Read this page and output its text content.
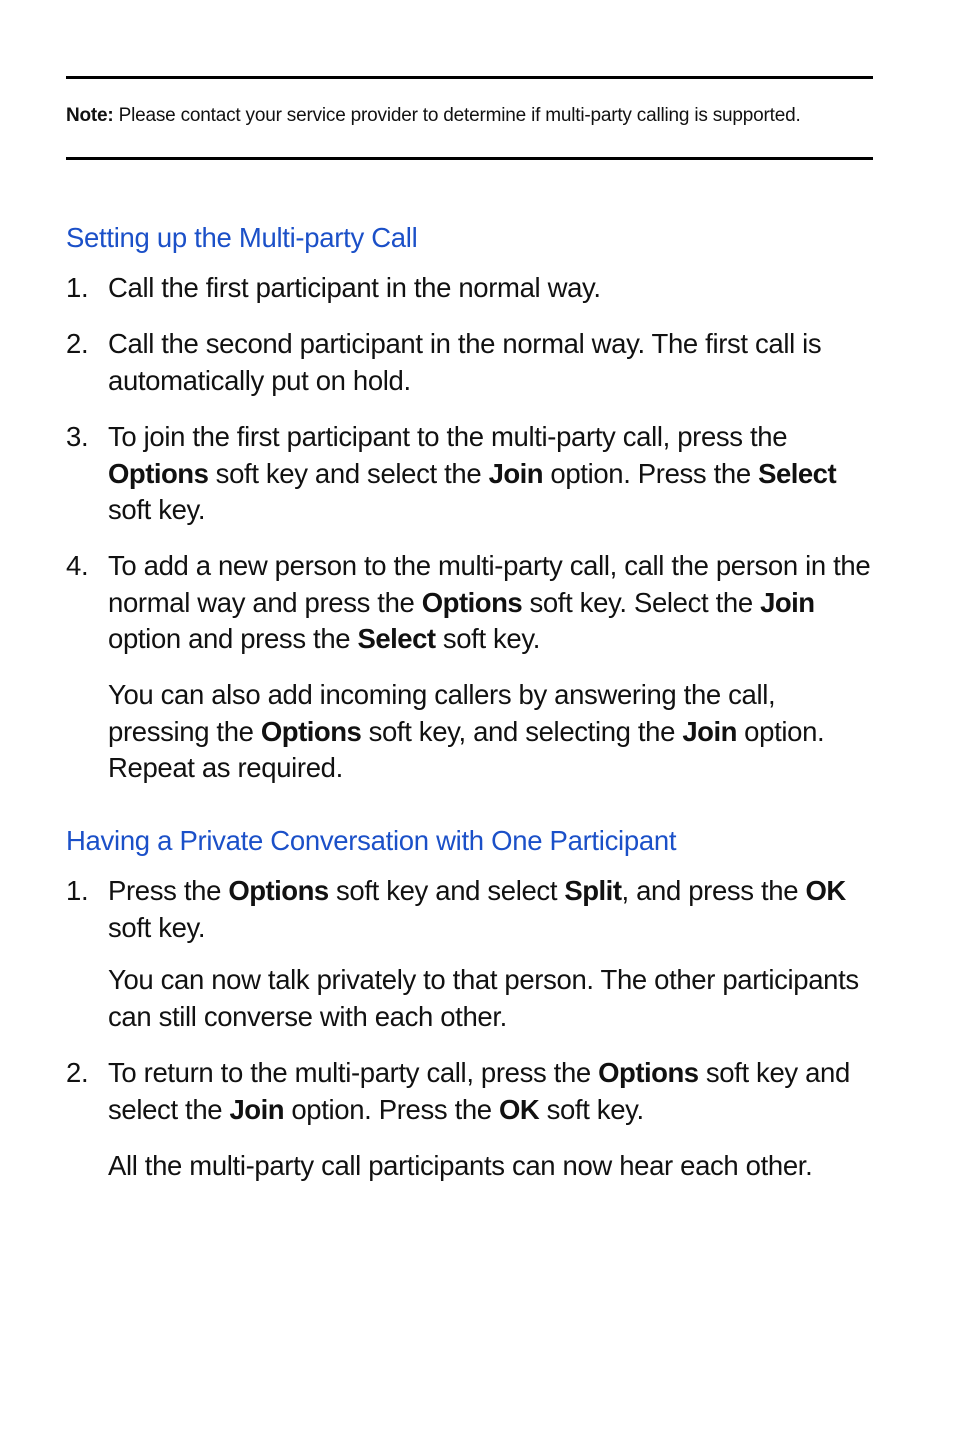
Note: Please contact your service provider to determine if multi-party calling is supported.
Setting up the Multi-party Call
1. Call the first participant in the normal way.
2. Call the second participant in the normal way. The first call is automatically put on hold.
3. To join the first participant to the multi-party call, press the Options soft key and select the Join option. Press the Select soft key.
4. To add a new person to the multi-party call, call the person in the normal way and press the Options soft key. Select the Join option and press the Select soft key.
You can also add incoming callers by answering the call, pressing the Options soft key, and selecting the Join option. Repeat as required.
Having a Private Conversation with One Participant
1. Press the Options soft key and select Split, and press the OK soft key.
You can now talk privately to that person. The other participants can still converse with each other.
2. To return to the multi-party call, press the Options soft key and select the Join option. Press the OK soft key.
All the multi-party call participants can now hear each other.
